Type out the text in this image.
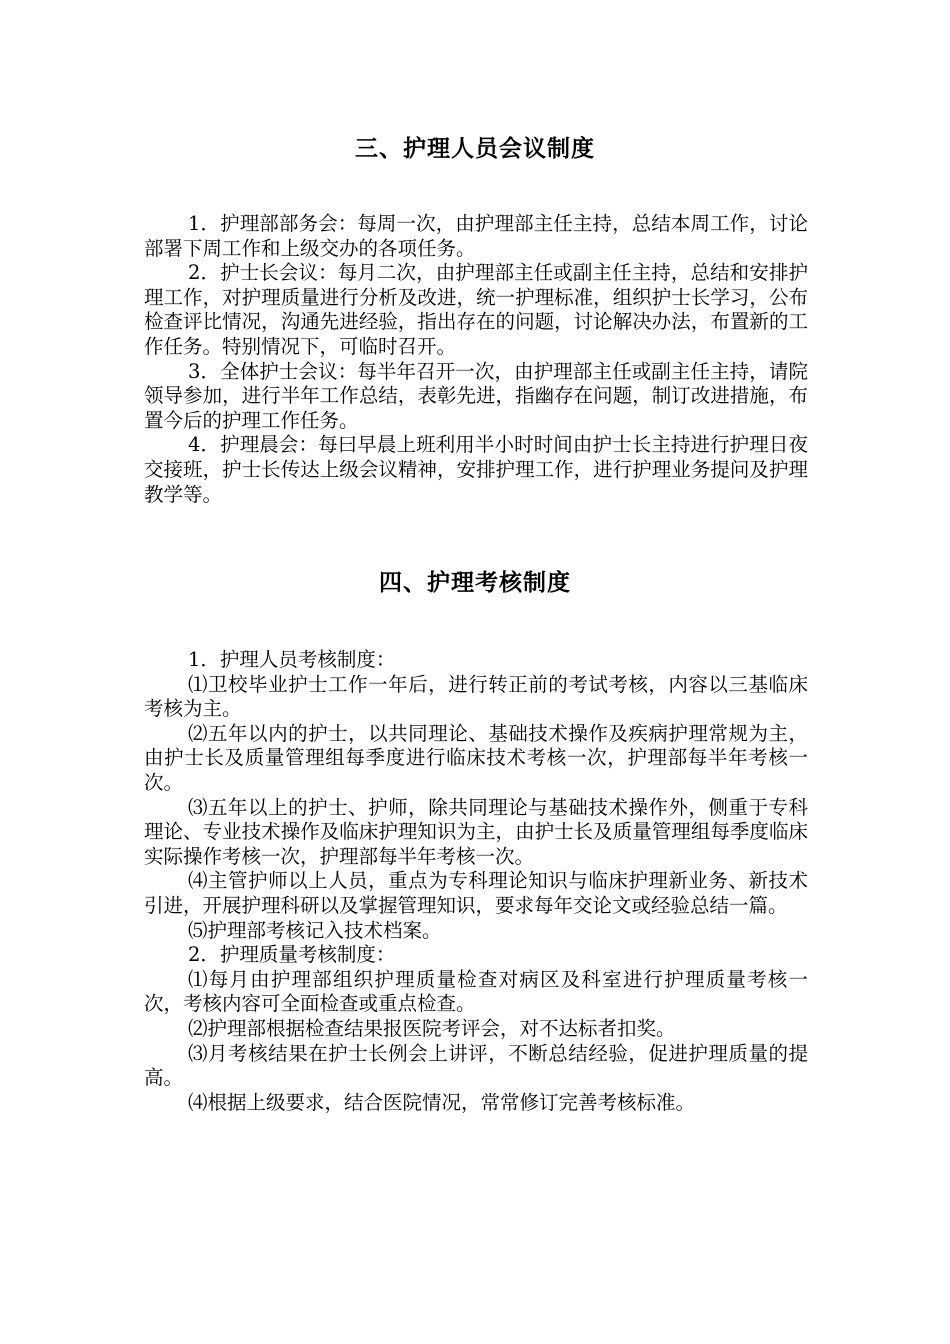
三、护理人员会议制度

1．护理部部务会：每周一次，由护理部主任主持，总结本周工作，讨论部署下周工作和上级交办的各项任务。

2．护士长会议：每月二次，由护理部主任或副主任主持，总结和安排护理工作，对护理质量进行分析及改进，统一护理标准，组织护士长学习，公布检查评比情况，沟通先进经验，指出存在的问题，讨论解决办法，布置新的工作任务。特别情况下，可临时召开。

3．全体护士会议：每半年召开一次，由护理部主任或副主任主持，请院领导参加，进行半年工作总结，表彰先进，指幽存在问题，制订改进措施，布置今后的护理工作任务。

4．护理晨会：每曰早晨上班利用半小时时间由护士长主持进行护理日夜交接班，护士长传达上级会议精神，安排护理工作，进行护理业务提问及护理教学等。

四、护理考核制度

1．护理人员考核制度：

⑴卫校毕业护士工作一年后，进行转正前的考试考核，内容以三基临床考核为主。

⑵五年以内的护士，以共同理论、基础技术操作及疾病护理常规为主，由护士长及质量管理组每季度进行临床技术考核一次，护理部每半年考核一次。

⑶五年以上的护士、护师，除共同理论与基础技术操作外，侧重于专科理论、专业技术操作及临床护理知识为主，由护士长及质量管理组每季度临床实际操作考核一次，护理部每半年考核一次。

⑷主管护师以上人员，重点为专科理论知识与临床护理新业务、新技术引进，开展护理科研以及掌握管理知识，要求每年交论文或经验总结一篇。

⑸护理部考核记入技术档案。

2．护理质量考核制度：

⑴每月由护理部组织护理质量检查对病区及科室进行护理质量考核一次，考核内容可全面检查或重点检查。

⑵护理部根据检查结果报医院考评会，对不达标者扣奖。

⑶月考核结果在护士长例会上讲评，不断总结经验，促进护理质量的提高。

⑷根据上级要求，结合医院情况，常常修订完善考核标准。
